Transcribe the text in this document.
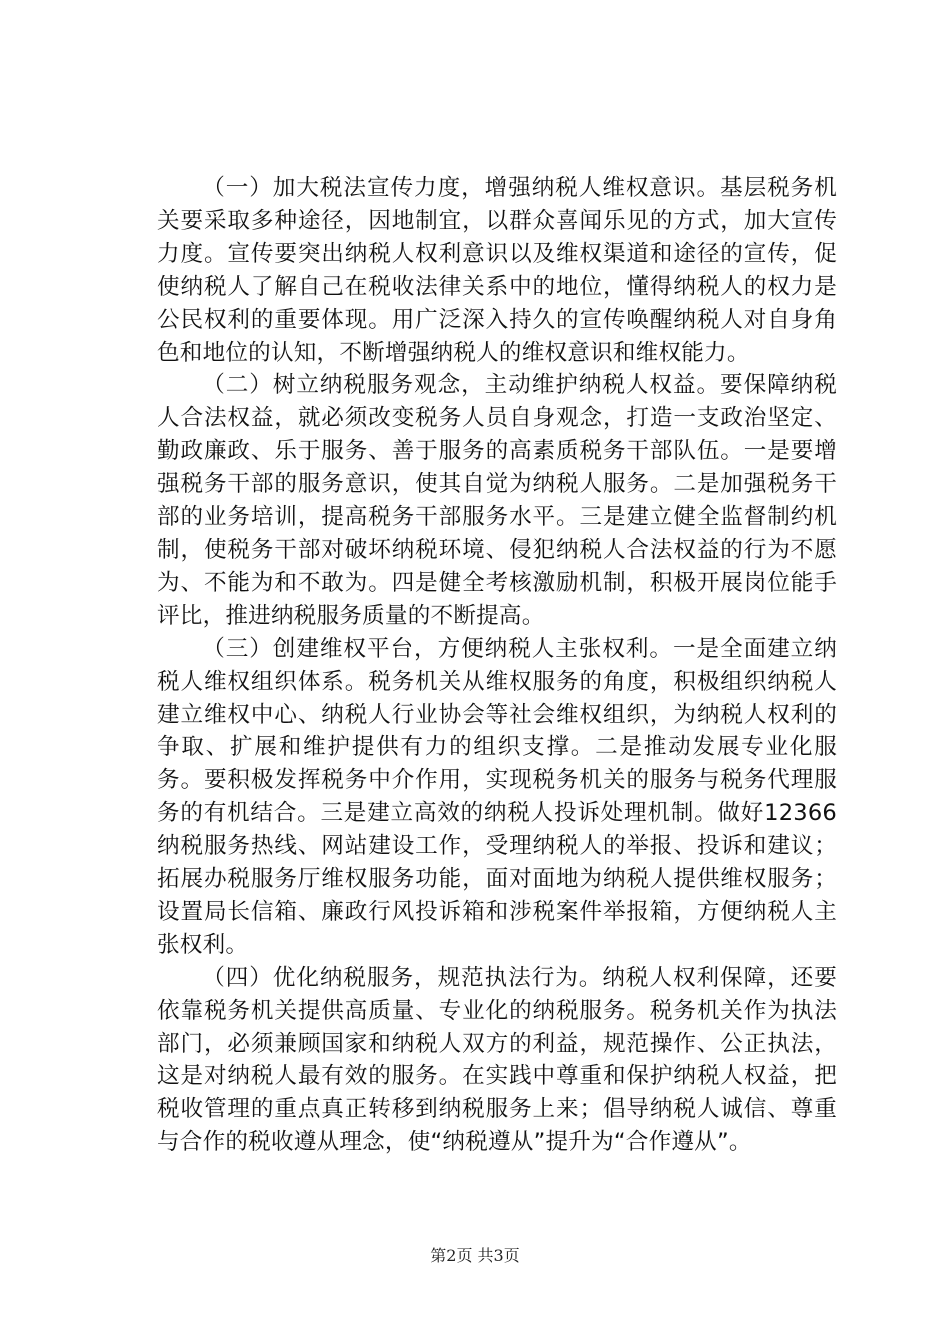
（一）加大税法宣传力度，增强纳税人维权意识。基层税务机关要采取多种途径，因地制宜，以群众喜闻乐见的方式，加大宣传力度。宣传要突出纳税人权利意识以及维权渠道和途径的宣传，促使纳税人了解自己在税收法律关系中的地位，懂得纳税人的权力是公民权利的重要体现。用广泛深入持久的宣传唤醒纳税人对自身角色和地位的认知，不断增强纳税人的维权意识和维权能力。

（二）树立纳税服务观念，主动维护纳税人权益。要保障纳税人合法权益，就必须改变税务人员自身观念，打造一支政治坚定、勤政廉政、乐于服务、善于服务的高素质税务干部队伍。一是要增强税务干部的服务意识，使其自觉为纳税人服务。二是加强税务干部的业务培训，提高税务干部服务水平。三是建立健全监督制约机制，使税务干部对破坏纳税环境、侵犯纳税人合法权益的行为不愿为、不能为和不敢为。四是健全考核激励机制，积极开展岗位能手评比，推进纳税服务质量的不断提高。

（三）创建维权平台，方便纳税人主张权利。一是全面建立纳税人维权组织体系。税务机关从维权服务的角度，积极组织纳税人建立维权中心、纳税人行业协会等社会维权组织，为纳税人权利的争取、扩展和维护提供有力的组织支撑。二是推动发展专业化服务。要积极发挥税务中介作用，实现税务机关的服务与税务代理服务的有机结合。三是建立高效的纳税人投诉处理机制。做好12366纳税服务热线、网站建设工作，受理纳税人的举报、投诉和建议；拓展办税服务厅维权服务功能，面对面地为纳税人提供维权服务；设置局长信箱、廉政行风投诉箱和涉税案件举报箱，方便纳税人主张权利。

（四）优化纳税服务，规范执法行为。纳税人权利保障，还要依靠税务机关提供高质量、专业化的纳税服务。税务机关作为执法部门，必须兼顾国家和纳税人双方的利益，规范操作、公正执法，这是对纳税人最有效的服务。在实践中尊重和保护纳税人权益，把税收管理的重点真正转移到纳税服务上来；倡导纳税人诚信、尊重与合作的税收遵从理念，使“纳税遵从”提升为“合作遵从”。

第2页 共3页
